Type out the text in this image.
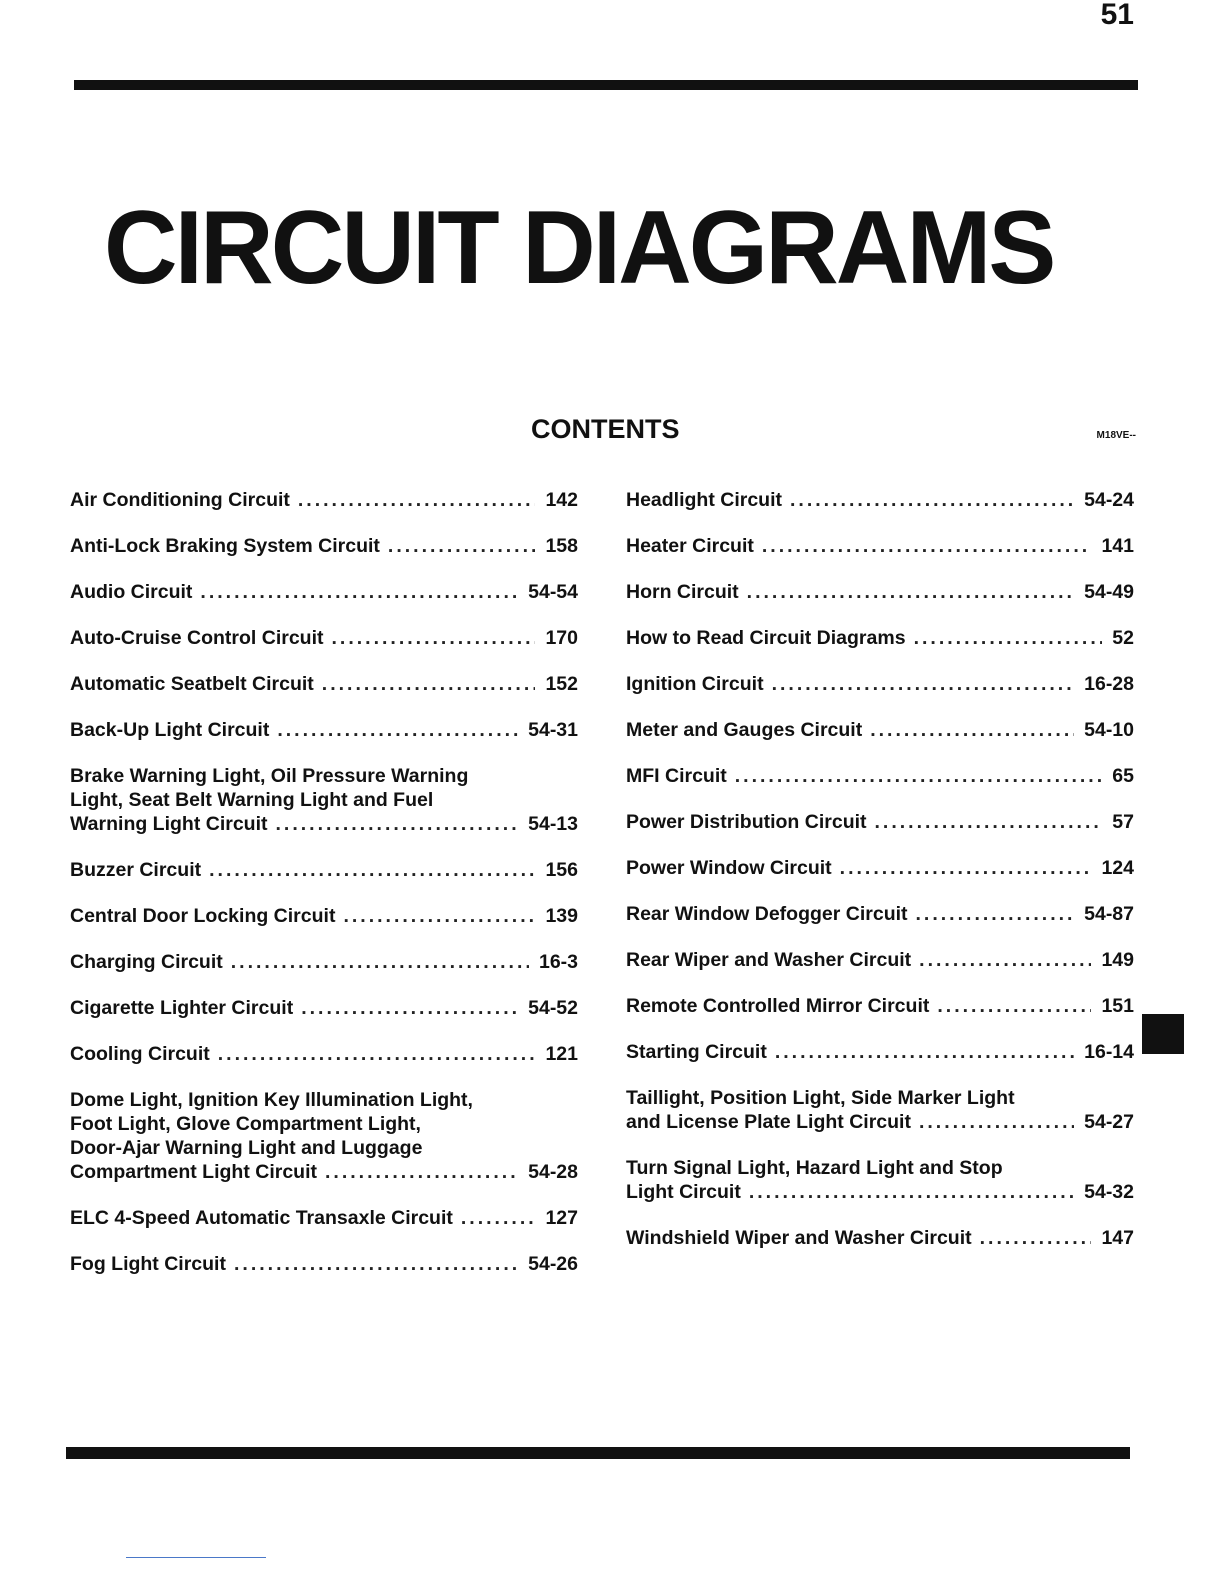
51
CIRCUIT DIAGRAMS
CONTENTS	M18VE--
Air Conditioning Circuit .....	142
Anti-Lock Braking System Circuit .....	158
Audio Circuit .....	54-54
Auto-Cruise Control Circuit .....	170
Automatic Seatbelt Circuit .....	152
Back-Up Light Circuit .....	54-31
Brake Warning Light, Oil Pressure Warning
Light, Seat Belt Warning Light and Fuel
Warning Light Circuit .....	54-13
Buzzer Circuit .....	156
Central Door Locking Circuit .....	139
Charging Circuit .....	16-3
Cigarette Lighter Circuit .....	54-52
Cooling Circuit .....	121
Dome Light, Ignition Key Illumination Light,
Foot Light, Glove Compartment Light,
Door-Ajar Warning Light and Luggage
Compartment Light Circuit .....	54-28
ELC 4-Speed Automatic Transaxle Circuit .....	127
Fog Light Circuit .....	54-26
Headlight Circuit .....	54-24
Heater Circuit .....	141
Horn Circuit .....	54-49
How to Read Circuit Diagrams .....	52
Ignition Circuit .....	16-28
Meter and Gauges Circuit .....	54-10
MFI Circuit .....	65
Power Distribution Circuit .....	57
Power Window Circuit .....	124
Rear Window Defogger Circuit .....	54-87
Rear Wiper and Washer Circuit .....	149
Remote Controlled Mirror Circuit .....	151
Starting Circuit .....	16-14
Taillight, Position Light, Side Marker Light
and License Plate Light Circuit .....	54-27
Turn Signal Light, Hazard Light and Stop
Light Circuit .....	54-32
Windshield Wiper and Washer Circuit .....	147
